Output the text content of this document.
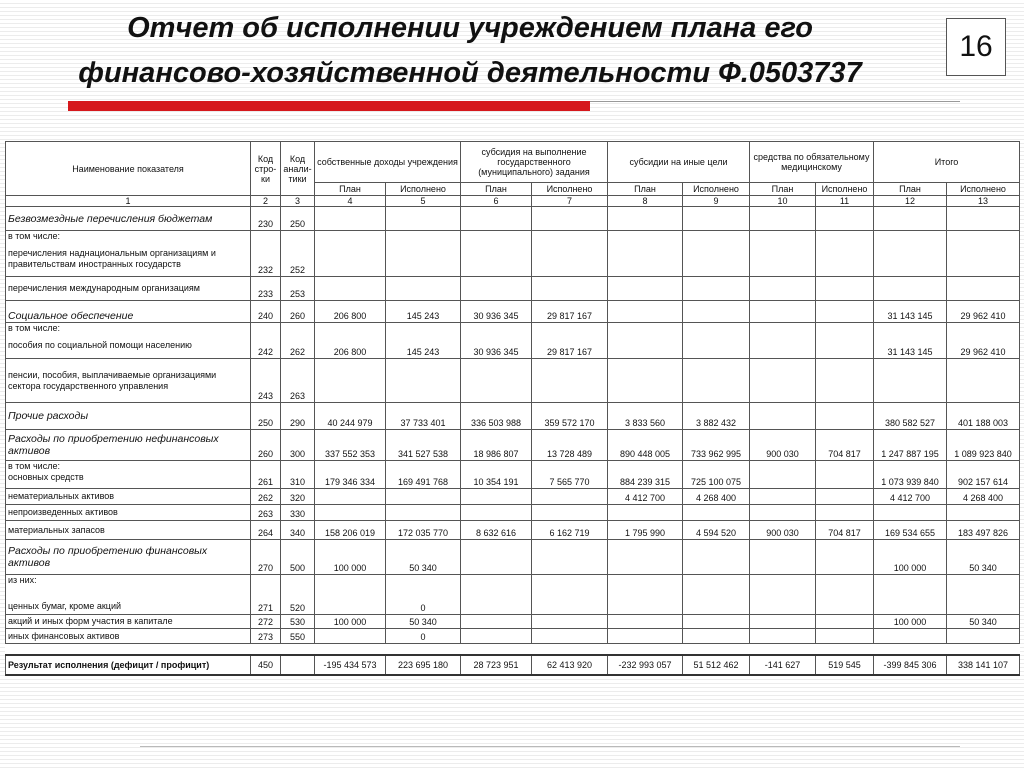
Отчет об исполнении учреждением плана его
финансово-хозяйственной деятельности Ф.0503737
16
Наименование показателя	Код стро-ки	Код анали-тики	собственные доходы учреждения		субсидия на выполнение государственного (муниципального) задания		субсидии на иные цели		средства по обязательному медицинскому		Итого	
			План	Исполнено	План	Исполнено	План	Исполнено	План	Исполнено	План	Исполнено
1	2	3	4	5	6	7	8	9	10	11	12	13
Безвозмездные перечисления бюджетам	230	250										

в том числе:
перечисления наднациональным организациям и правительствам иностранных государств	232	252										
перечисления международным организациям	233	253										
Социальное обеспечение	240	260	206 800	145 243	30 936 345	29 817 167					31 143 145	29 962 410

в том числе:
пособия по социальной помощи населению	242	262	206 800	145 243	30 936 345	29 817 167					31 143 145	29 962 410
пенсии, пособия, выплачиваемые организациями сектора государственного управления	243	263										
Прочие расходы	250	290	40 244 979	37 733 401	336 503 988	359 572 170	3 833 560	3 882 432			380 582 527	401 188 003
Расходы по приобретению нефинансовых активов	260	300	337 552 353	341 527 538	18 986 807	13 728 489	890 448 005	733 962 995	900 030	704 817	1 247 887 195	1 089 923 840

в том числе:
основных средств	261	310	179 346 334	169 491 768	10 354 191	7 565 770	884 239 315	725 100 075			1 073 939 840	902 157 614
нематериальных активов	262	320					4 412 700	4 268 400			4 412 700	4 268 400
непроизведенных активов	263	330										
материальных запасов	264	340	158 206 019	172 035 770	8 632 616	6 162 719	1 795 990	4 594 520	900 030	704 817	169 534 655	183 497 826
Расходы по приобретению финансовых активов	270	500	100 000	50 340							100 000	50 340

из них:
ценных бумаг, кроме акций	271	520		0								
акций и иных форм участия в капитале	272	530	100 000	50 340							100 000	50 340
иных финансовых активов	273	550		0								

Результат исполнения (дефицит / профицит)	450		-195 434 573	223 695 180	28 723 951	62 413 920	-232 993 057	51 512 462	-141 627	519 545	-399 845 306	338 141 107
